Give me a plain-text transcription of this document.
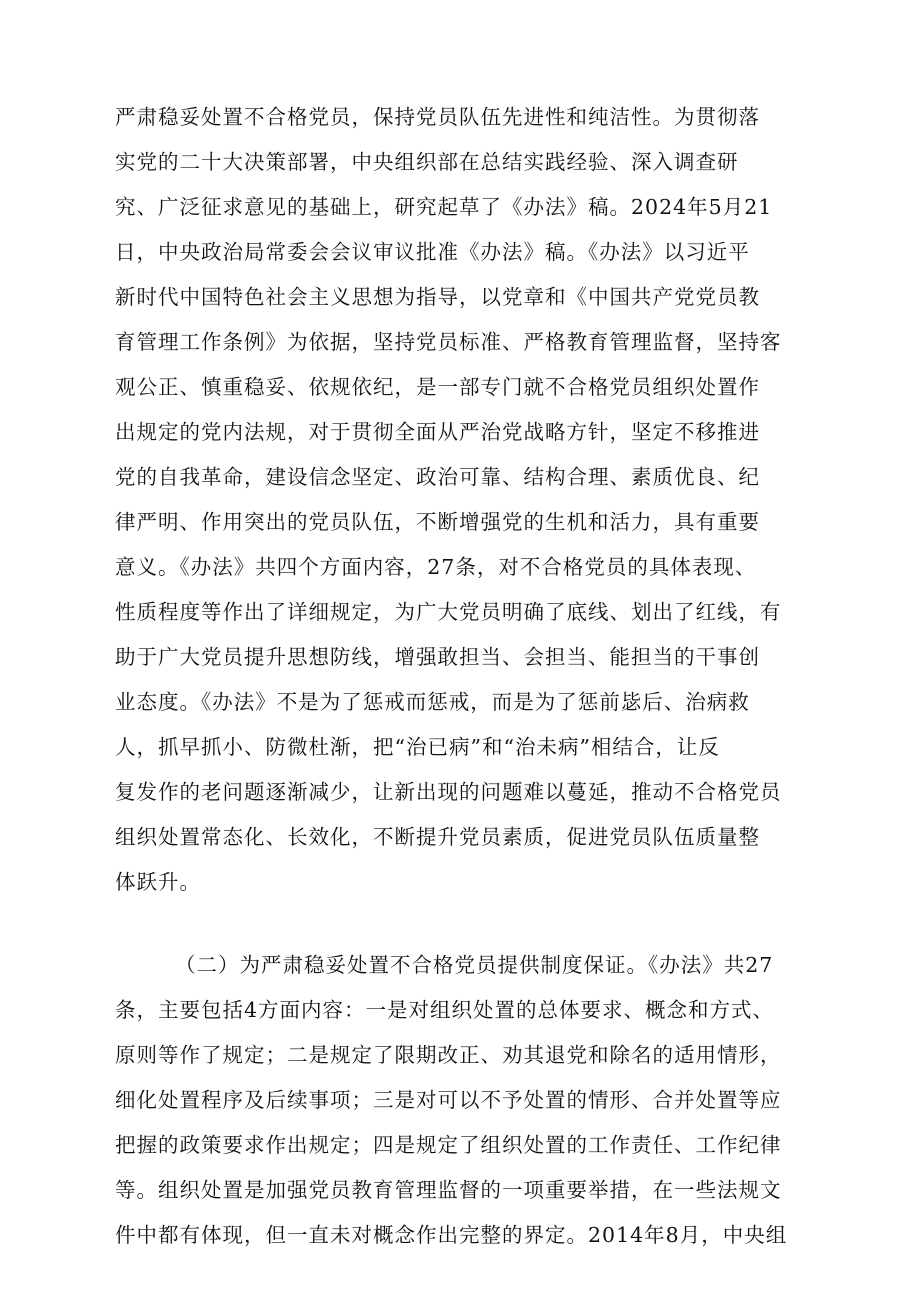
严肃稳妥处置不合格党员，保持党员队伍先进性和纯洁性。为贯彻落
实党的二十大决策部署，中央组织部在总结实践经验、深入调查研
究、广泛征求意见的基础上，研究起草了《办法》稿。2024年5月21
日，中央政治局常委会会议审议批准《办法》稿。《办法》以习近平
新时代中国特色社会主义思想为指导，以党章和《中国共产党党员教
育管理工作条例》为依据，坚持党员标准、严格教育管理监督，坚持客
观公正、慎重稳妥、依规依纪，是一部专门就不合格党员组织处置作
出规定的党内法规，对于贯彻全面从严治党战略方针，坚定不移推进
党的自我革命，建设信念坚定、政治可靠、结构合理、素质优良、纪
律严明、作用突出的党员队伍，不断增强党的生机和活力，具有重要
意义。《办法》共四个方面内容，27条，对不合格党员的具体表现、
性质程度等作出了详细规定，为广大党员明确了底线、划出了红线，有
助于广大党员提升思想防线，增强敢担当、会担当、能担当的干事创
业态度。《办法》不是为了惩戒而惩戒，而是为了惩前毖后、治病救
人，抓早抓小、防微杜渐，把“治已病”和“治未病”相结合，让反
复发作的老问题逐渐减少，让新出现的问题难以蔓延，推动不合格党员
组织处置常态化、长效化，不断提升党员素质，促进党员队伍质量整
体跃升。
（二）为严肃稳妥处置不合格党员提供制度保证。《办法》共27
条，主要包括4方面内容：一是对组织处置的总体要求、概念和方式、
原则等作了规定；二是规定了限期改正、劝其退党和除名的适用情形，
细化处置程序及后续事项；三是对可以不予处置的情形、合并处置等应
把握的政策要求作出规定；四是规定了组织处置的工作责任、工作纪律
等。组织处置是加强党员教育管理监督的一项重要举措，在一些法规文
件中都有体现，但一直未对概念作出完整的界定。2014年8月，中央组
